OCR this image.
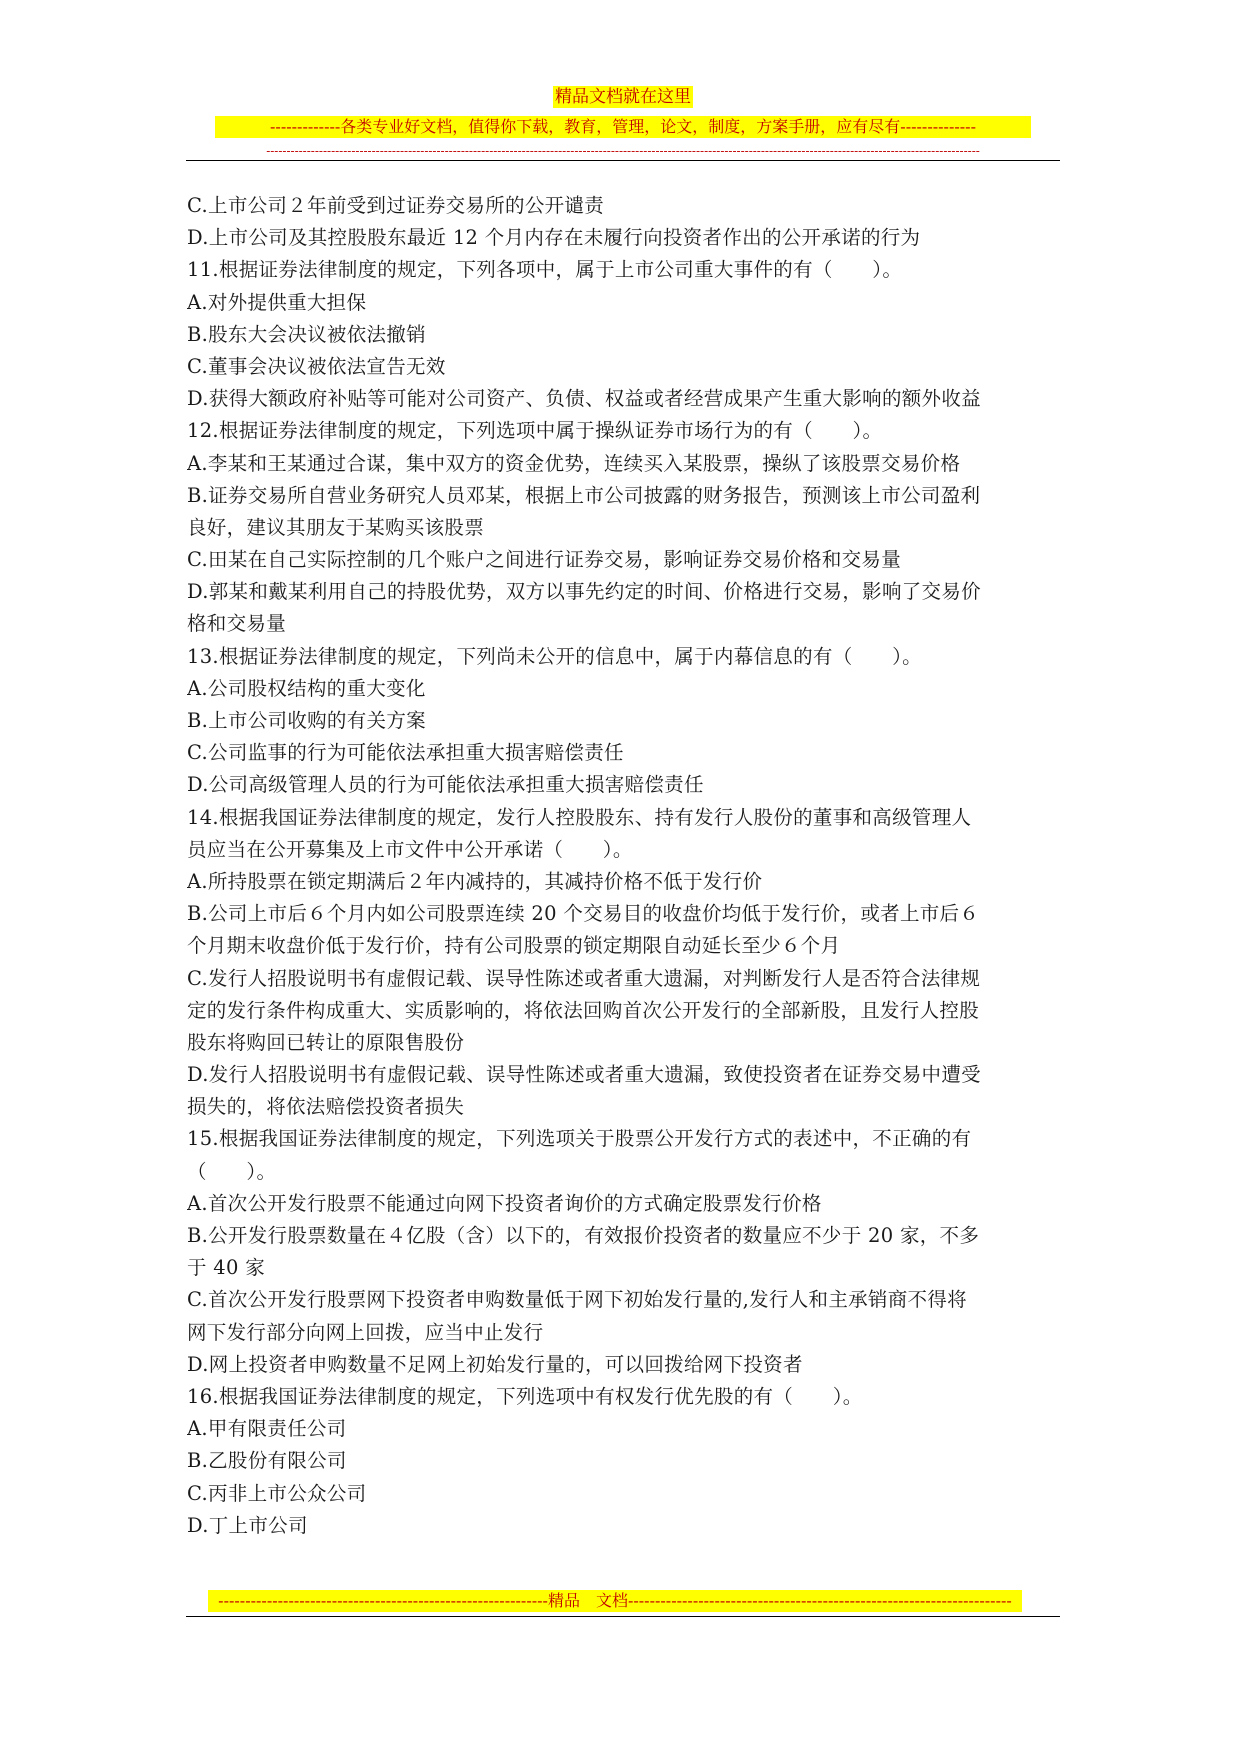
精品文档就在这里
-------------各类专业好文档，值得你下载，教育，管理，论文，制度，方案手册，应有尽有--------------
--------------------------------------------------------------------------------------------------------------------------------------------------------------------------------
C.上市公司２年前受到过证券交易所的公开谴责
D.上市公司及其控股股东最近 12 个月内存在未履行向投资者作出的公开承诺的行为
11.根据证券法律制度的规定，下列各项中，属于上市公司重大事件的有（　　）。
A.对外提供重大担保
B.股东大会决议被依法撤销
C.董事会决议被依法宣告无效
D.获得大额政府补贴等可能对公司资产、负债、权益或者经营成果产生重大影响的额外收益
12.根据证券法律制度的规定，下列选项中属于操纵证券市场行为的有（　　）。
A.李某和王某通过合谋，集中双方的资金优势，连续买入某股票，操纵了该股票交易价格
B.证券交易所自营业务研究人员邓某，根据上市公司披露的财务报告，预测该上市公司盈利
良好，建议其朋友于某购买该股票
C.田某在自己实际控制的几个账户之间进行证券交易，影响证券交易价格和交易量
D.郭某和戴某利用自己的持股优势，双方以事先约定的时间、价格进行交易，影响了交易价
格和交易量
13.根据证券法律制度的规定，下列尚未公开的信息中，属于内幕信息的有（　　）。
A.公司股权结构的重大变化
B.上市公司收购的有关方案
C.公司监事的行为可能依法承担重大损害赔偿责任
D.公司高级管理人员的行为可能依法承担重大损害赔偿责任
14.根据我国证券法律制度的规定，发行人控股股东、持有发行人股份的董事和高级管理人
员应当在公开募集及上市文件中公开承诺（　　）。
A.所持股票在锁定期满后２年内减持的，其减持价格不低于发行价
B.公司上市后６个月内如公司股票连续 20 个交易目的收盘价均低于发行价，或者上市后６
个月期末收盘价低于发行价，持有公司股票的锁定期限自动延长至少６个月
C.发行人招股说明书有虚假记载、误导性陈述或者重大遗漏，对判断发行人是否符合法律规
定的发行条件构成重大、实质影响的，将依法回购首次公开发行的全部新股，且发行人控股
股东将购回已转让的原限售股份
D.发行人招股说明书有虚假记载、误导性陈述或者重大遗漏，致使投资者在证券交易中遭受
损失的，将依法赔偿投资者损失
15.根据我国证券法律制度的规定，下列选项关于股票公开发行方式的表述中，不正确的有
（　　）。
A.首次公开发行股票不能通过向网下投资者询价的方式确定股票发行价格
B.公开发行股票数量在４亿股（含）以下的，有效报价投资者的数量应不少于 20 家，不多
于 40 家
C.首次公开发行股票网下投资者申购数量低于网下初始发行量的,发行人和主承销商不得将
网下发行部分向网上回拨，应当中止发行
D.网上投资者申购数量不足网上初始发行量的，可以回拨给网下投资者
16.根据我国证券法律制度的规定，下列选项中有权发行优先股的有（　　）。
A.甲有限责任公司
B.乙股份有限公司
C.丙非上市公众公司
D.丁上市公司
-------------------------------------------------------------精品　文档-----------------------------------------------------------------------
